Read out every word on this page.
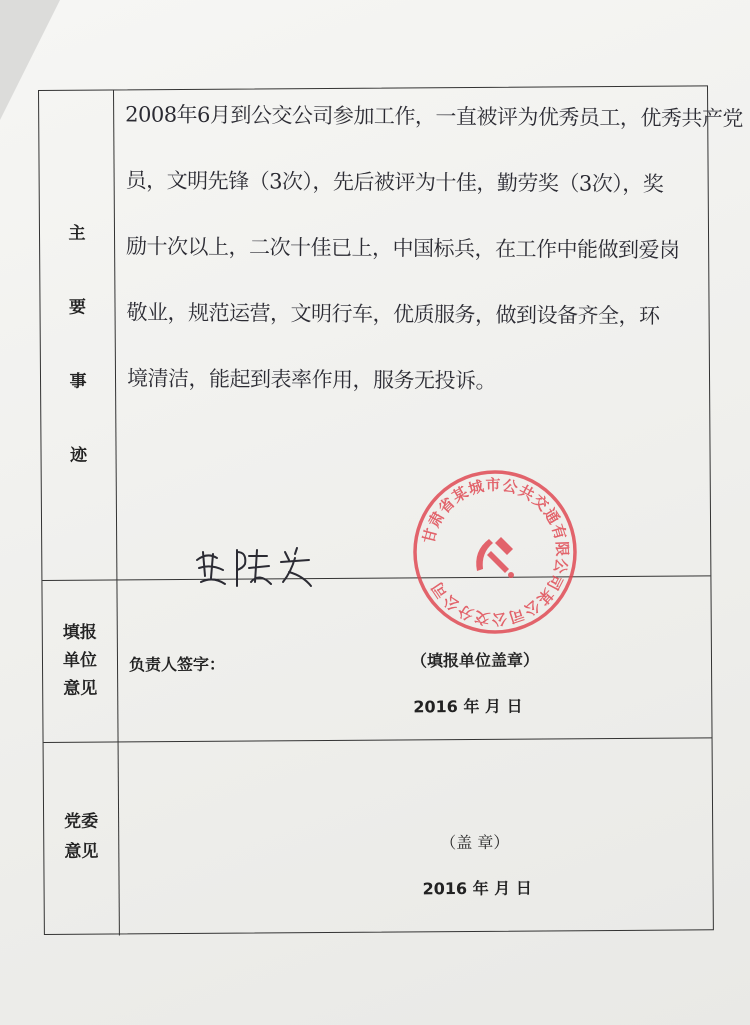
主
要
事
迹
2008年6月到公交公司参加工作，一直被评为优秀员工，优秀共产党
员，文明先锋（3次），先后被评为十佳，勤劳奖（3次），奖
励十次以上，二次十佳已上，中国标兵，在工作中能做到爱岗
敬业，规范运营，文明行车，优质服务，做到设备齐全，环
境清洁，能起到表率作用，服务无投诉。
填报
单位
意见
负责人签字：	（填报单位盖章）
2016 年 月 日
党委
意见	（盖 章）
2016 年 月 日
甘肃省某城市公共交通有限公司某公司公交分公司
